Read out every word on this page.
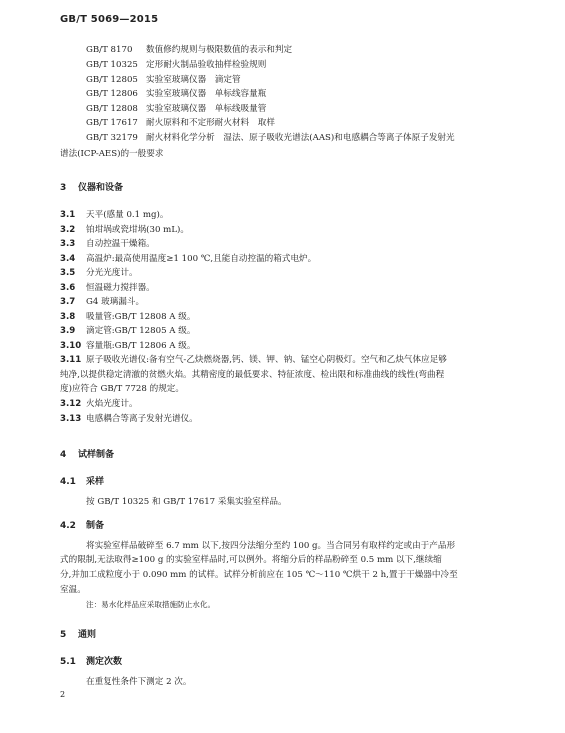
GB/T 5069—2015
GB/T 8170 数值修约规则与极限数值的表示和判定
GB/T 10325 定形耐火制品验收抽样检验规则
GB/T 12805 实验室玻璃仪器　滴定管
GB/T 12806 实验室玻璃仪器　单标线容量瓶
GB/T 12808 实验室玻璃仪器　单标线吸量管
GB/T 17617 耐火原料和不定形耐火材料　取样
GB/T 32179 耐火材料化学分析　湿法、原子吸收光谱法(AAS)和电感耦合等离子体原子发射光
谱法(ICP-AES)的一般要求
3 仪器和设备
3.1 天平(感量 0.1 mg)。
3.2 铂坩埚或瓷坩埚(30 mL)。
3.3 自动控温干燥箱。
3.4 高温炉:最高使用温度≥1 100 ℃,且能自动控温的箱式电炉。
3.5 分光光度计。
3.6 恒温磁力搅拌器。
3.7 G4 玻璃漏斗。
3.8 吸量管:GB/T 12808 A 级。
3.9 滴定管:GB/T 12805 A 级。
3.10 容量瓶:GB/T 12806 A 级。
3.11 原子吸收光谱仪:备有空气-乙炔燃烧器,钙、镁、钾、钠、锰空心阴极灯。空气和乙炔气体应足够
纯净,以提供稳定清澈的贫燃火焰。其精密度的最低要求、特征浓度、检出限和标准曲线的线性(弯曲程
度)应符合 GB/T 7728 的规定。
3.12 火焰光度计。
3.13 电感耦合等离子发射光谱仪。
4 试样制备
4.1 采样
按 GB/T 10325 和 GB/T 17617 采集实验室样品。
4.2 制备
将实验室样品破碎至 6.7 mm 以下,按四分法缩分至约 100 g。当合同另有取样约定或由于产品形
式的限制,无法取得≥100 g 的实验室样品时,可以例外。将缩分后的样品粉碎至 0.5 mm 以下,继续缩
分,并加工成粒度小于 0.090 mm 的试样。试样分析前应在 105 ℃～110 ℃烘干 2 h,置于干燥器中冷至
室温。
注：易水化样品应采取措施防止水化。
5 通则
5.1 测定次数
在重复性条件下测定 2 次。
2
